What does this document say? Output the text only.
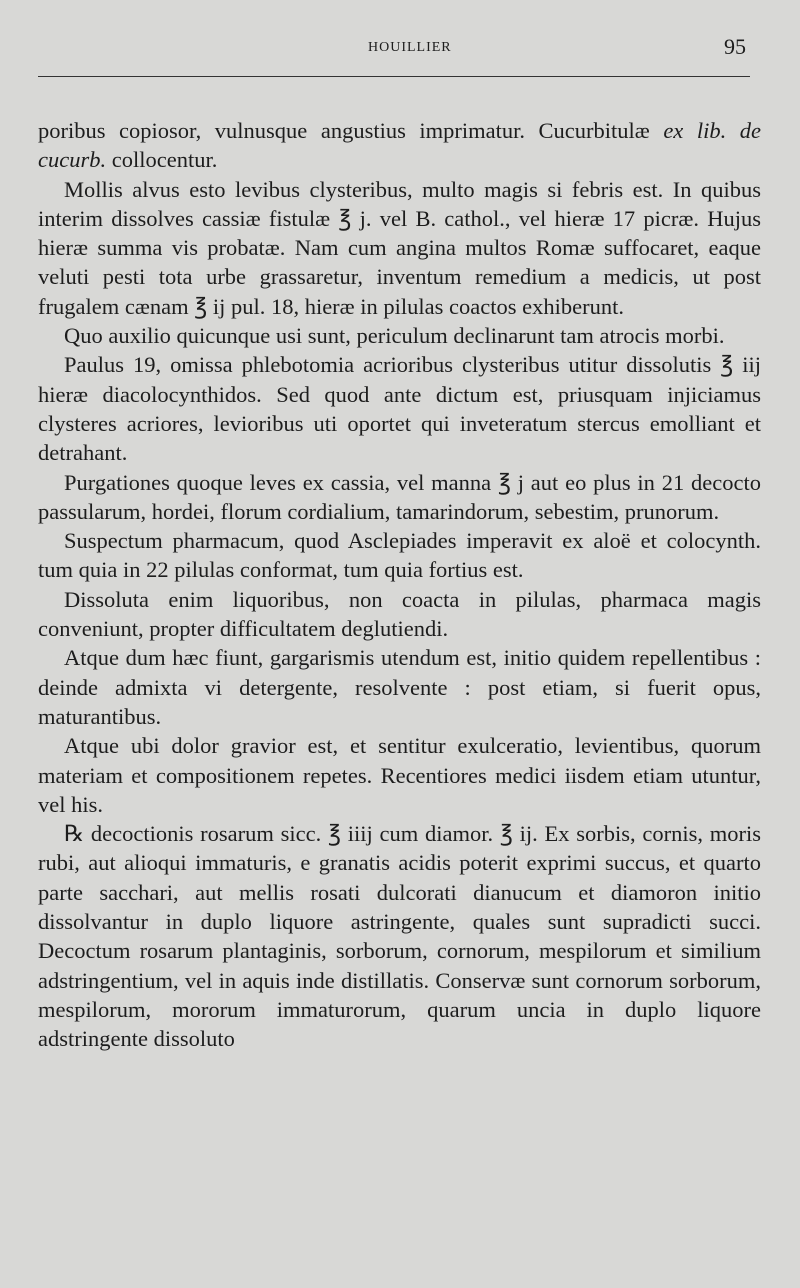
HOUILLIER	95

poribus copiosor, vulnusque angustius imprimatur. Cucurbitulæ ex lib. de cucurb. collocentur.

Mollis alvus esto levibus clysteribus, multo magis si febris est. In quibus interim dissolves cassiæ fistulæ ℥ j. vel B. cathol., vel hieræ 17 picræ. Hujus hieræ summa vis probatæ. Nam cum angina multos Romæ suffocaret, eaque veluti pesti tota urbe grassaretur, inventum remedium a medicis, ut post frugalem cænam ℥ ij pul. 18, hieræ in pilulas coactos exhiberunt.

Quo auxilio quicunque usi sunt, periculum declinarunt tam atrocis morbi.

Paulus 19, omissa phlebotomia acrioribus clysteribus utitur dissolutis ℥ iij hieræ diacolocynthidos. Sed quod ante dictum est, priusquam injiciamus clysteres acriores, levioribus uti oportet qui inveteratum stercus emolliant et detrahant.

Purgationes quoque leves ex cassia, vel manna ℥ j aut eo plus in 21 decocto passularum, hordei, florum cordialium, tamarindorum, sebestim, prunorum.

Suspectum pharmacum, quod Asclepiades imperavit ex aloë et colocynth. tum quia in 22 pilulas conformat, tum quia fortius est.

Dissoluta enim liquoribus, non coacta in pilulas, pharmaca magis conveniunt, propter difficultatem deglutiendi.

Atque dum hæc fiunt, gargarismis utendum est, initio quidem repellentibus : deinde admixta vi detergente, resolvente : post etiam, si fuerit opus, maturantibus.

Atque ubi dolor gravior est, et sentitur exulceratio, levientibus, quorum materiam et compositionem repetes. Recentiores medici iisdem etiam utuntur, vel his.

℞ decoctionis rosarum sicc. ℥ iiij cum diamor. ℥ ij. Ex sorbis, cornis, moris rubi, aut alioqui immaturis, e granatis acidis poterit exprimi succus, et quarto parte sacchari, aut mellis rosati dulcorati dianucum et diamoron initio dissolvantur in duplo liquore astringente, quales sunt supradicti succi. Decoctum rosarum plantaginis, sorborum, cornorum, mespilorum et similium adstringentium, vel in aquis inde distillatis. Conservæ sunt cornorum sorborum, mespilorum, mororum immaturorum, quarum uncia in duplo liquore adstringente dissoluto
